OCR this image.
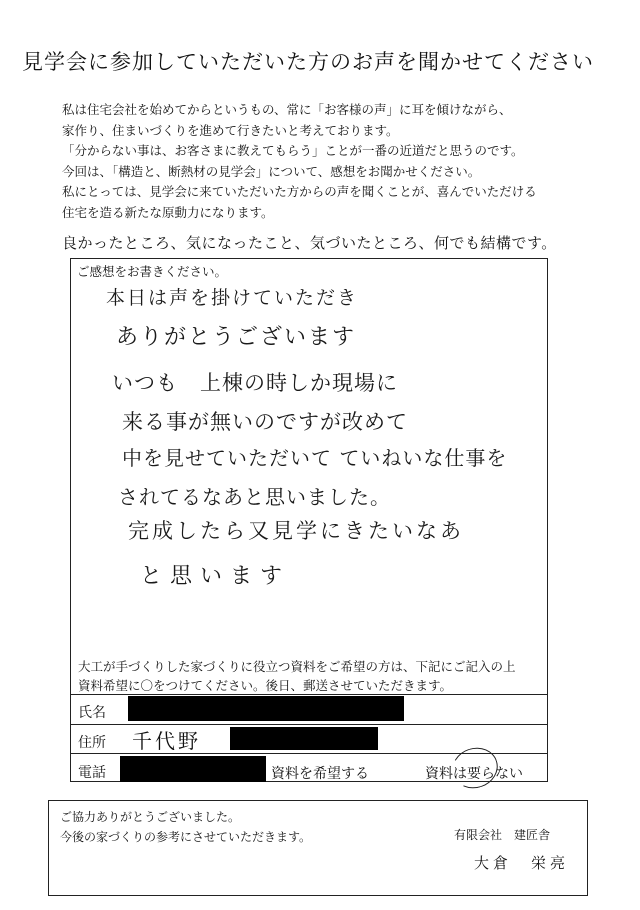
見学会に参加していただいた方のお声を聞かせてください
私は住宅会社を始めてからというもの、常に「お客様の声」に耳を傾けながら、
家作り、住まいづくりを進めて行きたいと考えております。
「分からない事は、お客さまに教えてもらう」ことが一番の近道だと思うのです。
今回は、「構造と、断熱材の見学会」について、感想をお聞かせください。
私にとっては、見学会に来ていただいた方からの声を聞くことが、喜んでいただける
住宅を造る新たな原動力になります。
良かったところ、気になったこと、気づいたところ、何でも結構です。
ご感想をお書きください。
本日は声を掛けていただき
ありがとうございます
いつも　上棟の時しか現場に
来る事が無いのですが改めて
中を見せていただいて ていねいな仕事を
されてるなあと思いました。
完成したら又見学にきたいなあ
と思います
大工が手づくりした家づくりに役立つ資料をご希望の方は、下記にご記入の上
資料希望に〇をつけてください。後日、郵送させていただきます。
氏名
住所 千代野
電話	資料を希望する	資料は要らない
ご協力ありがとうございました。
今後の家づくりの参考にさせていただきます。	有限会社　建匠舎
大倉　栄亮
